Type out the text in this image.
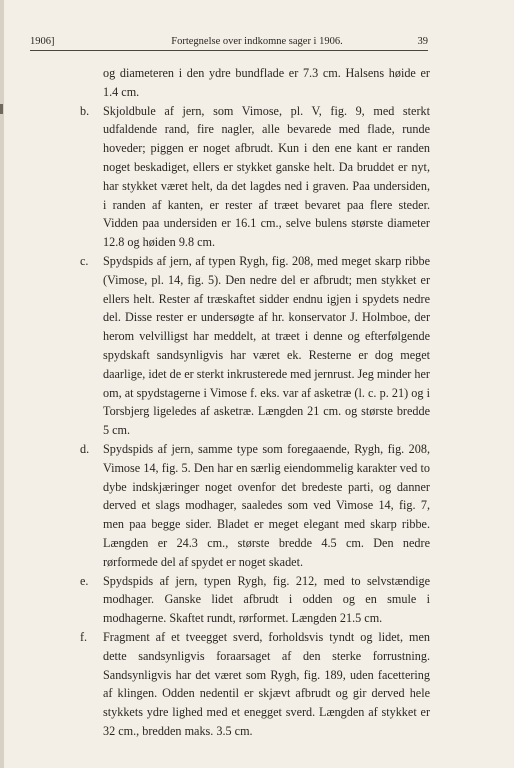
1906]	Fortegnelse over indkomne sager i 1906.	39
og diameteren i den ydre bundflade er 7.3 cm. Halsens høide er 1.4 cm.
b. Skjoldbule af jern, som Vimose, pl. V, fig. 9, med sterkt udfaldende rand, fire nagler, alle bevarede med flade, runde hoveder; piggen er noget afbrudt. Kun i den ene kant er randen noget beskadiget, ellers er stykket ganske helt. Da bruddet er nyt, har stykket været helt, da det lagdes ned i graven. Paa undersiden, i randen af kanten, er rester af træet bevaret paa flere steder. Vidden paa undersiden er 16.1 cm., selve bulens største diameter 12.8 og høiden 9.8 cm.
c. Spydspids af jern, af typen Rygh, fig. 208, med meget skarp ribbe (Vimose, pl. 14, fig. 5). Den nedre del er afbrudt; men stykket er ellers helt. Rester af træskaftet sidder endnu igjen i spydets nedre del. Disse rester er undersøgte af hr. konservator J. Holmboe, der herom velvilligst har meddelt, at træet i denne og efterfølgende spydskaft sandsynligvis har været ek. Resterne er dog meget daarlige, idet de er sterkt inkrusterede med jernrust. Jeg minder her om, at spydstagerne i Vimose f. eks. var af asketræ (l. c. p. 21) og i Torsbjerg ligeledes af asketræ. Længden 21 cm. og største bredde 5 cm.
d. Spydspids af jern, samme type som foregaaende, Rygh, fig. 208, Vimose 14, fig. 5. Den har en særlig eiendommelig karakter ved to dybe indskjæringer noget ovenfor det bredeste parti, og danner derved et slags modhager, saaledes som ved Vimose 14, fig. 7, men paa begge sider. Bladet er meget elegant med skarp ribbe. Længden er 24.3 cm., største bredde 4.5 cm. Den nedre rørformede del af spydet er noget skadet.
e. Spydspids af jern, typen Rygh, fig. 212, med to selvstændige modhager. Ganske lidet afbrudt i odden og en smule i modhagerne. Skaftet rundt, rørformet. Længden 21.5 cm.
f. Fragment af et tveegget sverd, forholdsvis tyndt og lidet, men dette sandsynligvis foraarsaget af den sterke forrustning. Sandsynligvis har det været som Rygh, fig. 189, uden facettering af klingen. Odden nedentil er skjævt afbrudt og gir derved hele stykkets ydre lighed med et enegget sverd. Længden af stykket er 32 cm., bredden maks. 3.5 cm.
